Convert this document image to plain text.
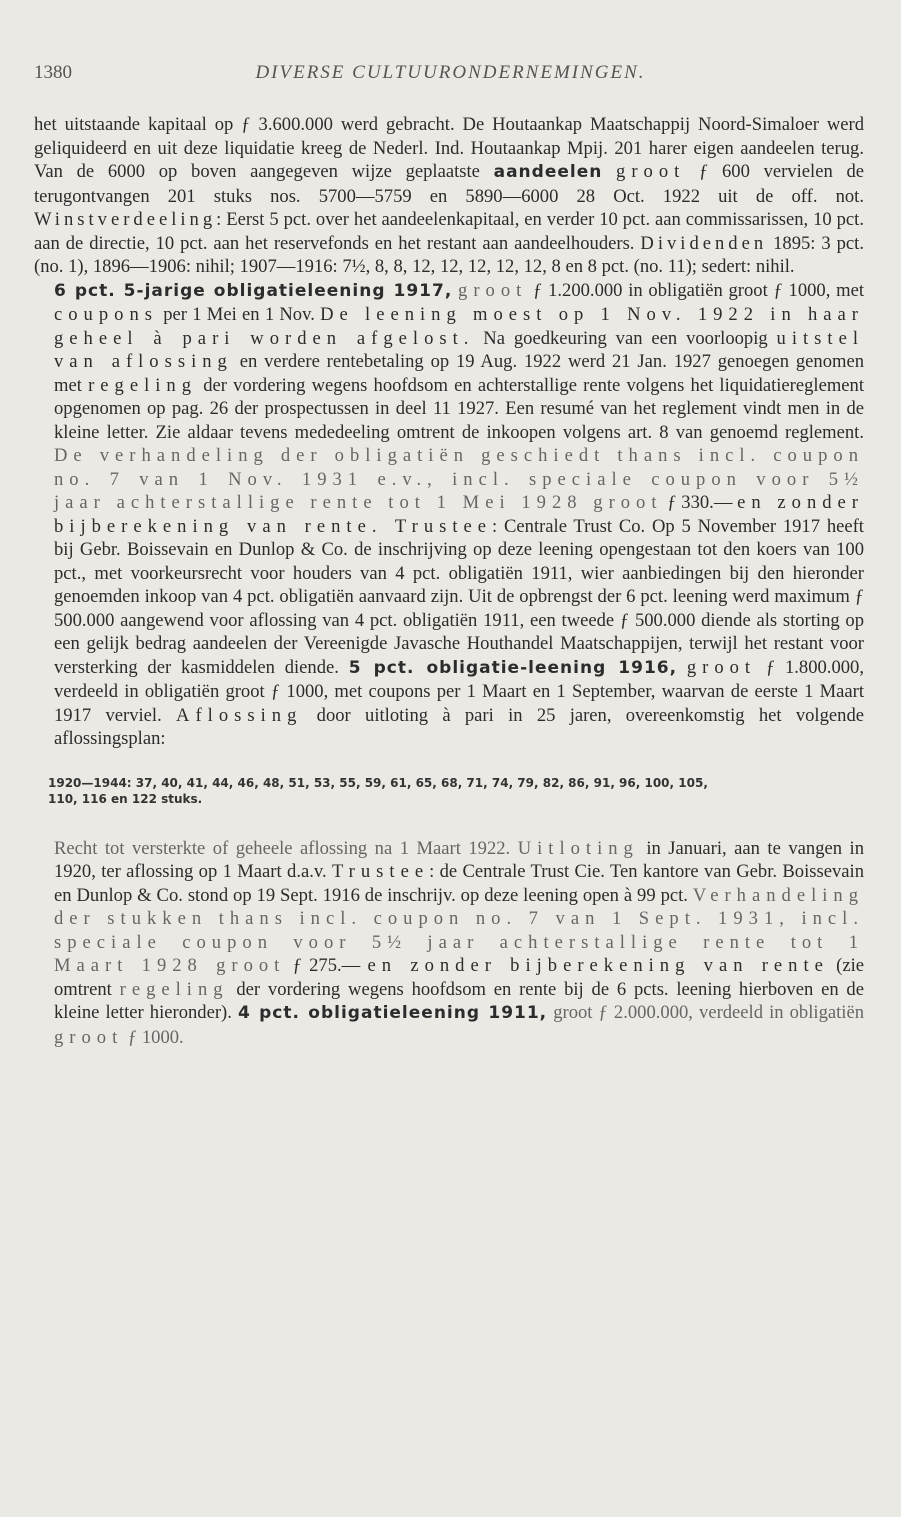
1380	DIVERSE CULTUURONDERNEMINGEN.

het uitstaande kapitaal op ƒ 3.600.000 werd gebracht. De Houtaankap Maatschappij Noord-Simaloer werd geliquideerd en uit deze liquidatie kreeg de Nederl. Ind. Houtaankap Mpij. 201 harer eigen aandeelen terug. Van de 6000 op boven aangegeven wijze geplaatste aandeelen groot ƒ 600 vervielen de terugontvangen 201 stuks nos. 5700—5759 en 5890—6000 28 Oct. 1922 uit de off. not. Winstverdeeling: Eerst 5 pct. over het aandeelenkapitaal, en verder 10 pct. aan commissarissen, 10 pct. aan de directie, 10 pct. aan het reservefonds en het restant aan aandeelhouders. Dividenden 1895: 3 pct. (no. 1), 1896—1906: nihil; 1907—1916: 7½, 8, 8, 12, 12, 12, 12, 12, 8 en 8 pct. (no. 11); sedert: nihil.

6 pct. 5-jarige obligatieleening 1917, groot ƒ 1.200.000 in obligatiën groot ƒ 1000, met coupons per 1 Mei en 1 Nov. De leening moest op 1 Nov. 1922 in haar geheel à pari worden afgelost. Na goedkeuring van een voorloopig uitstel van aflossing en verdere rentebetaling op 19 Aug. 1922 werd 21 Jan. 1927 genoegen genomen met regeling der vordering wegens hoofdsom en achterstallige rente volgens het liquidatiereglement opgenomen op pag. 26 der prospectussen in deel 11 1927. Een resumé van het reglement vindt men in de kleine letter. Zie aldaar tevens mededeeling omtrent de inkoopen volgens art. 8 van genoemd reglement. De verhandeling der obligatiën geschiedt thans incl. coupon no. 7 van 1 Nov. 1931 e.v., incl. speciale coupon voor 5½ jaar achterstallige rente tot 1 Mei 1928 groot ƒ 330.— en zonder bijberekening van rente. Trustee: Centrale Trust Co. Op 5 November 1917 heeft bij Gebr. Boissevain en Dunlop & Co. de inschrijving op deze leening opengestaan tot den koers van 100 pct., met voorkeursrecht voor houders van 4 pct. obligatiën 1911, wier aanbiedingen bij den hieronder genoemden inkoop van 4 pct. obligatiën aanvaard zijn. Uit de opbrengst der 6 pct. leening werd maximum ƒ 500.000 aangewend voor aflossing van 4 pct. obligatiën 1911, een tweede ƒ 500.000 diende als storting op een gelijk bedrag aandeelen der Vereenigde Javasche Houthandel Maatschappijen, terwijl het restant voor versterking der kasmiddelen diende. 5 pct. obligatie-leening 1916, groot ƒ 1.800.000, verdeeld in obligatiën groot ƒ 1000, met coupons per 1 Maart en 1 September, waarvan de eerste 1 Maart 1917 verviel. Aflossing door uitloting à pari in 25 jaren, overeenkomstig het volgende aflossingsplan:

1920—1944: 37, 40, 41, 44, 46, 48, 51, 53, 55, 59, 61, 65, 68, 71, 74, 79, 82, 86, 91, 96, 100, 105,
110, 116 en 122 stuks.

Recht tot versterkte of geheele aflossing na 1 Maart 1922. Uitloting in Januari, aan te vangen in 1920, ter aflossing op 1 Maart d.a.v. Trustee: de Centrale Trust Cie. Ten kantore van Gebr. Boissevain en Dunlop & Co. stond op 19 Sept. 1916 de inschrijv. op deze leening open à 99 pct. Verhandeling der stukken thans incl. coupon no. 7 van 1 Sept. 1931, incl. speciale coupon voor 5½ jaar achterstallige rente tot 1 Maart 1928 groot ƒ 275.— en zonder bijberekening van rente (zie omtrent regeling der vordering wegens hoofdsom en rente bij de 6 pcts. leening hierboven en de kleine letter hieronder). 4 pct. obligatieleening 1911, groot ƒ 2.000.000, verdeeld in obligatiën groot ƒ 1000.
